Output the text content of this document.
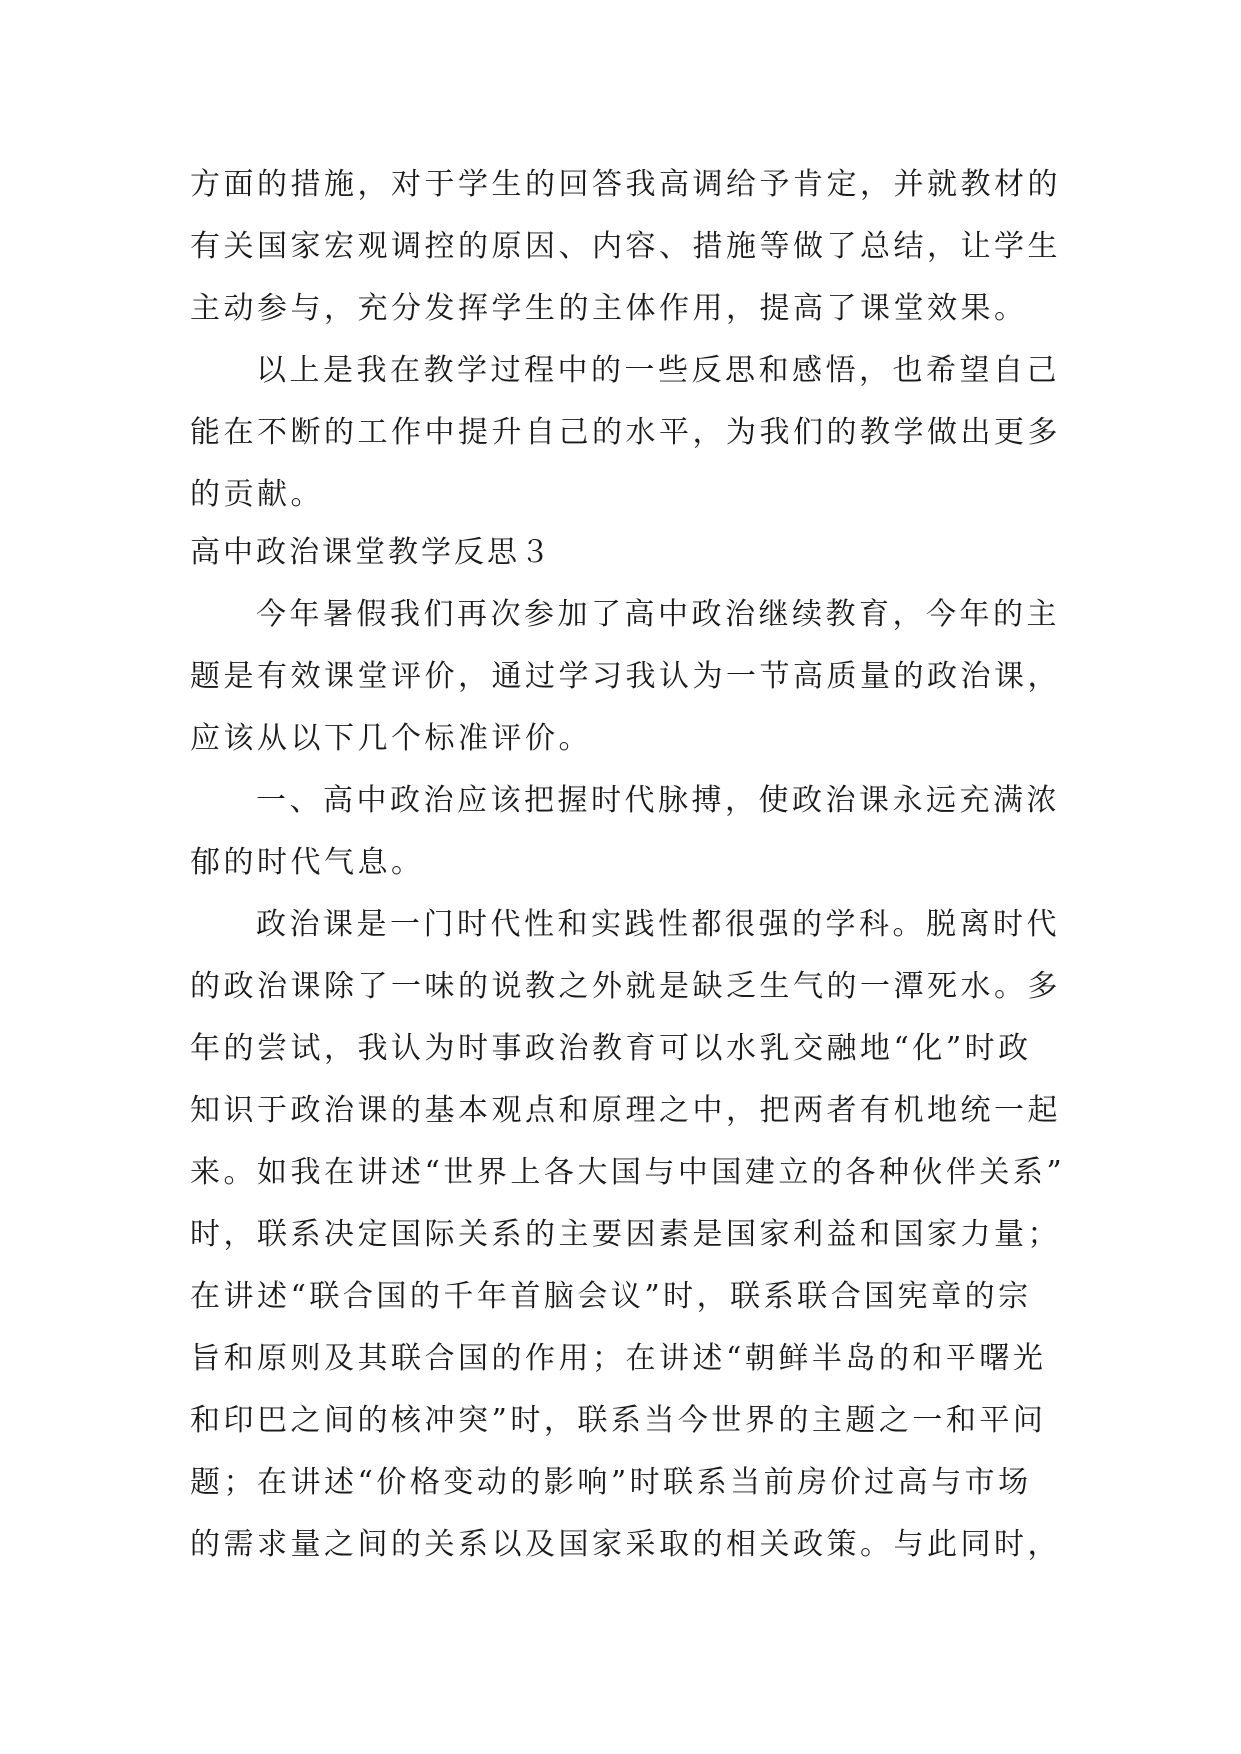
方面的措施，对于学生的回答我高调给予肯定，并就教材的
有关国家宏观调控的原因、内容、措施等做了总结，让学生
主动参与，充分发挥学生的主体作用，提高了课堂效果。
以上是我在教学过程中的一些反思和感悟，也希望自己
能在不断的工作中提升自己的水平，为我们的教学做出更多
的贡献。
高中政治课堂教学反思３
今年暑假我们再次参加了高中政治继续教育，今年的主
题是有效课堂评价，通过学习我认为一节高质量的政治课，
应该从以下几个标准评价。
一、高中政治应该把握时代脉搏，使政治课永远充满浓
郁的时代气息。
政治课是一门时代性和实践性都很强的学科。脱离时代
的政治课除了一味的说教之外就是缺乏生气的一潭死水。多
年的尝试，我认为时事政治教育可以水乳交融地“化”时政
知识于政治课的基本观点和原理之中，把两者有机地统一起
来。如我在讲述“世界上各大国与中国建立的各种伙伴关系”
时，联系决定国际关系的主要因素是国家利益和国家力量；
在讲述“联合国的千年首脑会议”时，联系联合国宪章的宗
旨和原则及其联合国的作用；在讲述“朝鲜半岛的和平曙光
和印巴之间的核冲突”时，联系当今世界的主题之一和平问
题；在讲述“价格变动的影响”时联系当前房价过高与市场
的需求量之间的关系以及国家采取的相关政策。与此同时，
